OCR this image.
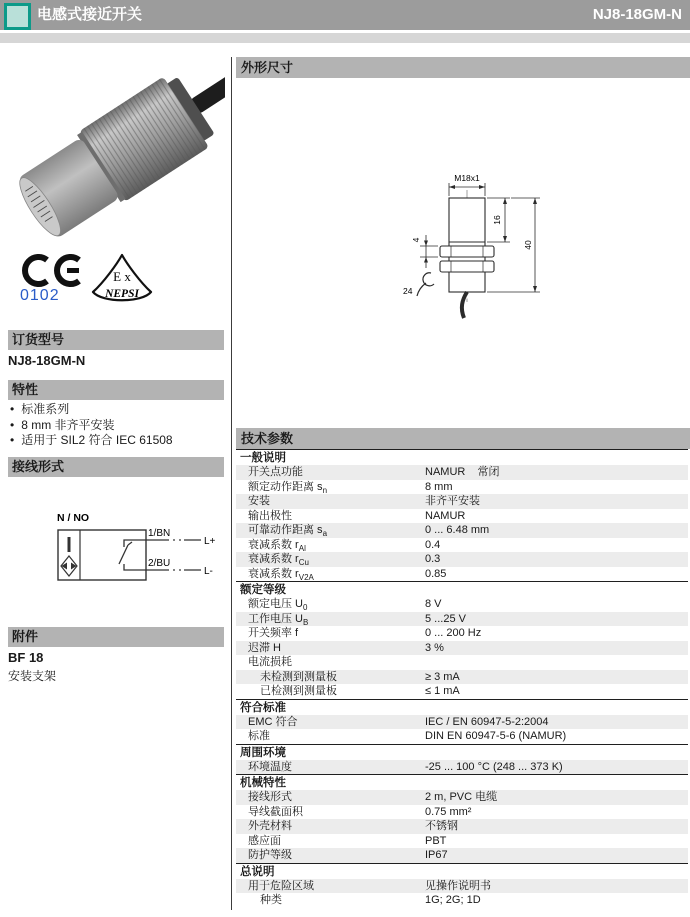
电感式接近开关	NJ8-18GM-N
0102
E x
NEPSI
订货型号
NJ8-18GM-N
特性
• 标准系列
• 8 mm 非齐平安装
• 适用于 SIL2 符合 IEC 61508
接线形式
N / NO
1/BN
2/BU
L+
L-
附件
BF 18
安装支架
外形尺寸
M18x1
16
40
4
24
技术参数
一般说明
开关点功能	NAMUR    常闭
额定动作距离 $s_n$	8 mm
安装	非齐平安装
输出极性	NAMUR
可靠动作距离 $s_a$	0 ... 6.48 mm
衰减系数 $r_{Al}$	0.4
衰减系数 $r_{Cu}$	0.3
衰减系数 $r_{V2A}$	0.85
额定等级
额定电压 $U_0$	8 V
工作电压 $U_B$	5 ...25 V
开关频率 f	0 ... 200 Hz
迟滞 H	3 %
电流损耗
未检测到测量板	≥ 3 mA
已检测到测量板	≤ 1 mA
符合标准
EMC 符合	IEC / EN 60947-5-2:2004
标准	DIN EN 60947-5-6 (NAMUR)
周围环境
环境温度	-25 ... 100 °C (248 ... 373 K)
机械特性
接线形式	2 m, PVC 电缆
导线截面积	0.75 mm²
外壳材料	不锈钢
感应面	PBT
防护等级	IP67
总说明
用于危险区域	见操作说明书
种类	1G; 2G; 1D
